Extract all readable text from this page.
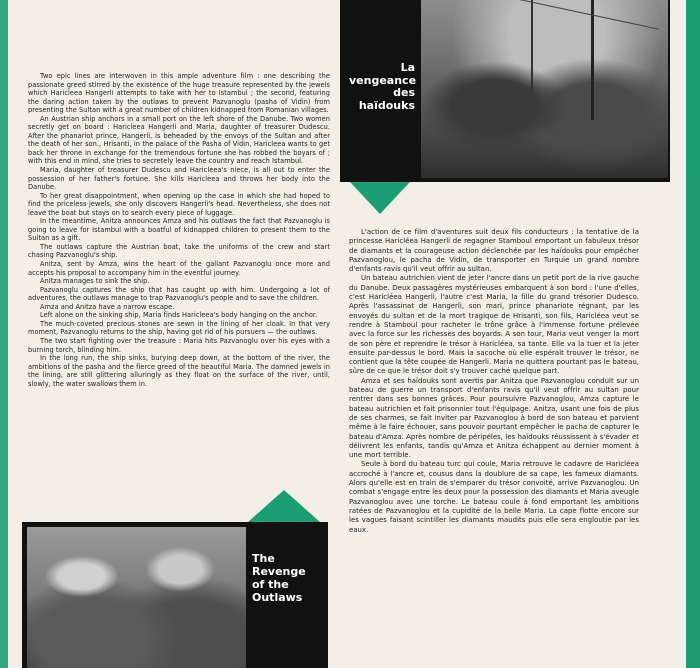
Two epic lines are interwoven in this ample adventure film : one describing the passionate greed stirred by the existence of the huge treasure represented by the jewels which Haricleea Hangerli attempts to take with her to Istambul ; the second, featuring the daring action taken by the outlaws to prevent Pazvanoglu (pasha of Vidin) from presenting the Sultan with a great number of children kidnapped from Romanian villages.

An Austrian ship anchors in a small port on the left shore of the Danube. Two women secretly get on board : Haricleea Hangerli and Maria, daughter of treasurer Dudescu. After the phanariot prince, Hangerli, is beheaded by the envoys of the Sultan and after the death of her son., Hrisanti, in the palace of the Pasha of Vidin, Haricleea wants to get back her throne in exchange for the tremendous fortune she has robbed the boyars of ; with this end in mind, she tries to secretely leave the country and reach Istambul.

Maria, daughter of treasurer Dudescu and Haricleea's niece, is all out to enter the possession of her father's fortune. She kills Haricleea and throws her body into the Danube.

To her great disappointment, when opening up the case in which she had hoped to find the priceless jewels, she only discovers Hangerli's head. Nevertheless, she does not leave the boat but stays on to search every piece of luggage.

In the meantime, Anitza announces Amza and his outlaws the fact that Pazvanoglu is going to leave for Istambul with a boatful of kidnapped children to present them to the Sultan as a gift.

The outlaws capture the Austrian boat, take the uniforms of the crew and start chasing Pazvanoglu's ship.

Anitza, sent by Amza, wins the heart of the gallant Pazvanoglu once more and accepts his proposal to accompany him in the eventful journey.

Anitza manages to sink the ship.

Pazvanoglu captures the ship that has caught up with him. Undergoing a lot of adventures, the outlaws manage to trap Pazvanoglu's people and to save the children.

Amza and Anitza have a narrow escape.

Left alone on the sinking ship, Maria finds Haricleea's body hanging on the anchor.

The much-coveted precious stones are sewn in the lining of her cloak. In that very moment, Pazvanoglu returns to the ship, having got rid of his pursuers — the outlaws.

The two start fighting over the treasure : Maria hits Pazvanoglu over his eyes with a burning torch, blinding him.

In the long run, the ship sinks, burying deep down, at the bottom of the river, the ambitions of the pasha and the fierce greed of the beautiful Maria. The damned jewels in the lining, are still glittering alluringly as they float on the surface of the river, until, slowly, the water swallows them in.

La
vengeance
des
haïdouks

L'action de ce film d'aventures suit deux fils conducteurs : la tentative de la princesse Haricléea Hangerli de regagner Stamboul emportant un fabuleux trésor de diamants et la courageuse action déclenchée par les haïdouks pour empêcher Pazvanoglou, le pacha de Vidin, de transporter en Turquie un grand nombre d'enfants ravis qu'il veut offrir au sultan.

Un bateau autrichien vient de jeter l'ancre dans un petit port de la rive gauche du Danube. Deux passagères mystérieuses embarquent à son bord : l'une d'elles, c'est Haricléea Hangerli, l'autre c'est Maria, la fille du grand trésorier Dudesco. Après l'assassinat de Hangerli, son mari, prince phanariote régnant, par les envoyés du sultan et de la mort tragique de Hrisanti, son fils, Haricléea veut se rendre à Stamboul pour racheter le trône grâce à l'immense fortune prélevée avec la force sur les richesses des boyards. A son tour, Maria veut venger la mort de son père et reprendre le trésor à Haricléea, sa tante. Elle va la tuer et la jeter ensuite par-dessus le bord. Mais la sacoche où elle espérait trouver le trésor, ne contient que la tête coupée de Hangerli. Maria ne quittera pourtant pas le bateau, sûre de ce que le trésor doit s'y trouver caché quelque part.

Amza et ses haïdouks sont avertis par Anitza que Pazvanoglou conduit sur un bateau de guerre un transport d'enfants ravis qu'il veut offrir au sultan pour rentrer dans ses bonnes grâces. Pour poursuivre Pazvanoglou, Amza capture le bateau autrichien et fait prisonnier tout l'équipage. Anitza, usant une fois de plus de ses charmes, se fait inviter par Pazvanoglou à bord de son bateau et parvient même à le faire échouer, sans pouvoir pourtant empêcher le pacha de capturer le bateau d'Amza. Après nombre de péripéles, les haïdouks réussissent à s'évader et délivrent les enfants, tandis qu'Amza et Anitza échappent au dernier moment à une mort terrible.

Seule à bord du bateau turc qui coule, Maria retrouve le cadavre de Haricléea accroché à l'ancre et, cousus dans la doublure de sa cape, les fameux diamants. Alors qu'elle est en train de s'emparer du trésor convoité, arrive Pazvanoglou. Un combat s'engage entre les deux pour la possession des diamants et Maria aveugle Pazvanoglou avec une torche. Le bateau coule à fond emportant les ambitions ratées de Pazvanoglou et la cupidité de la belle Maria. La cape flotte encore sur les vagues faisant scintiller les diamants maudits puis elle sera engloutie par les eaux.

The
Revenge
of the
Outlaws
